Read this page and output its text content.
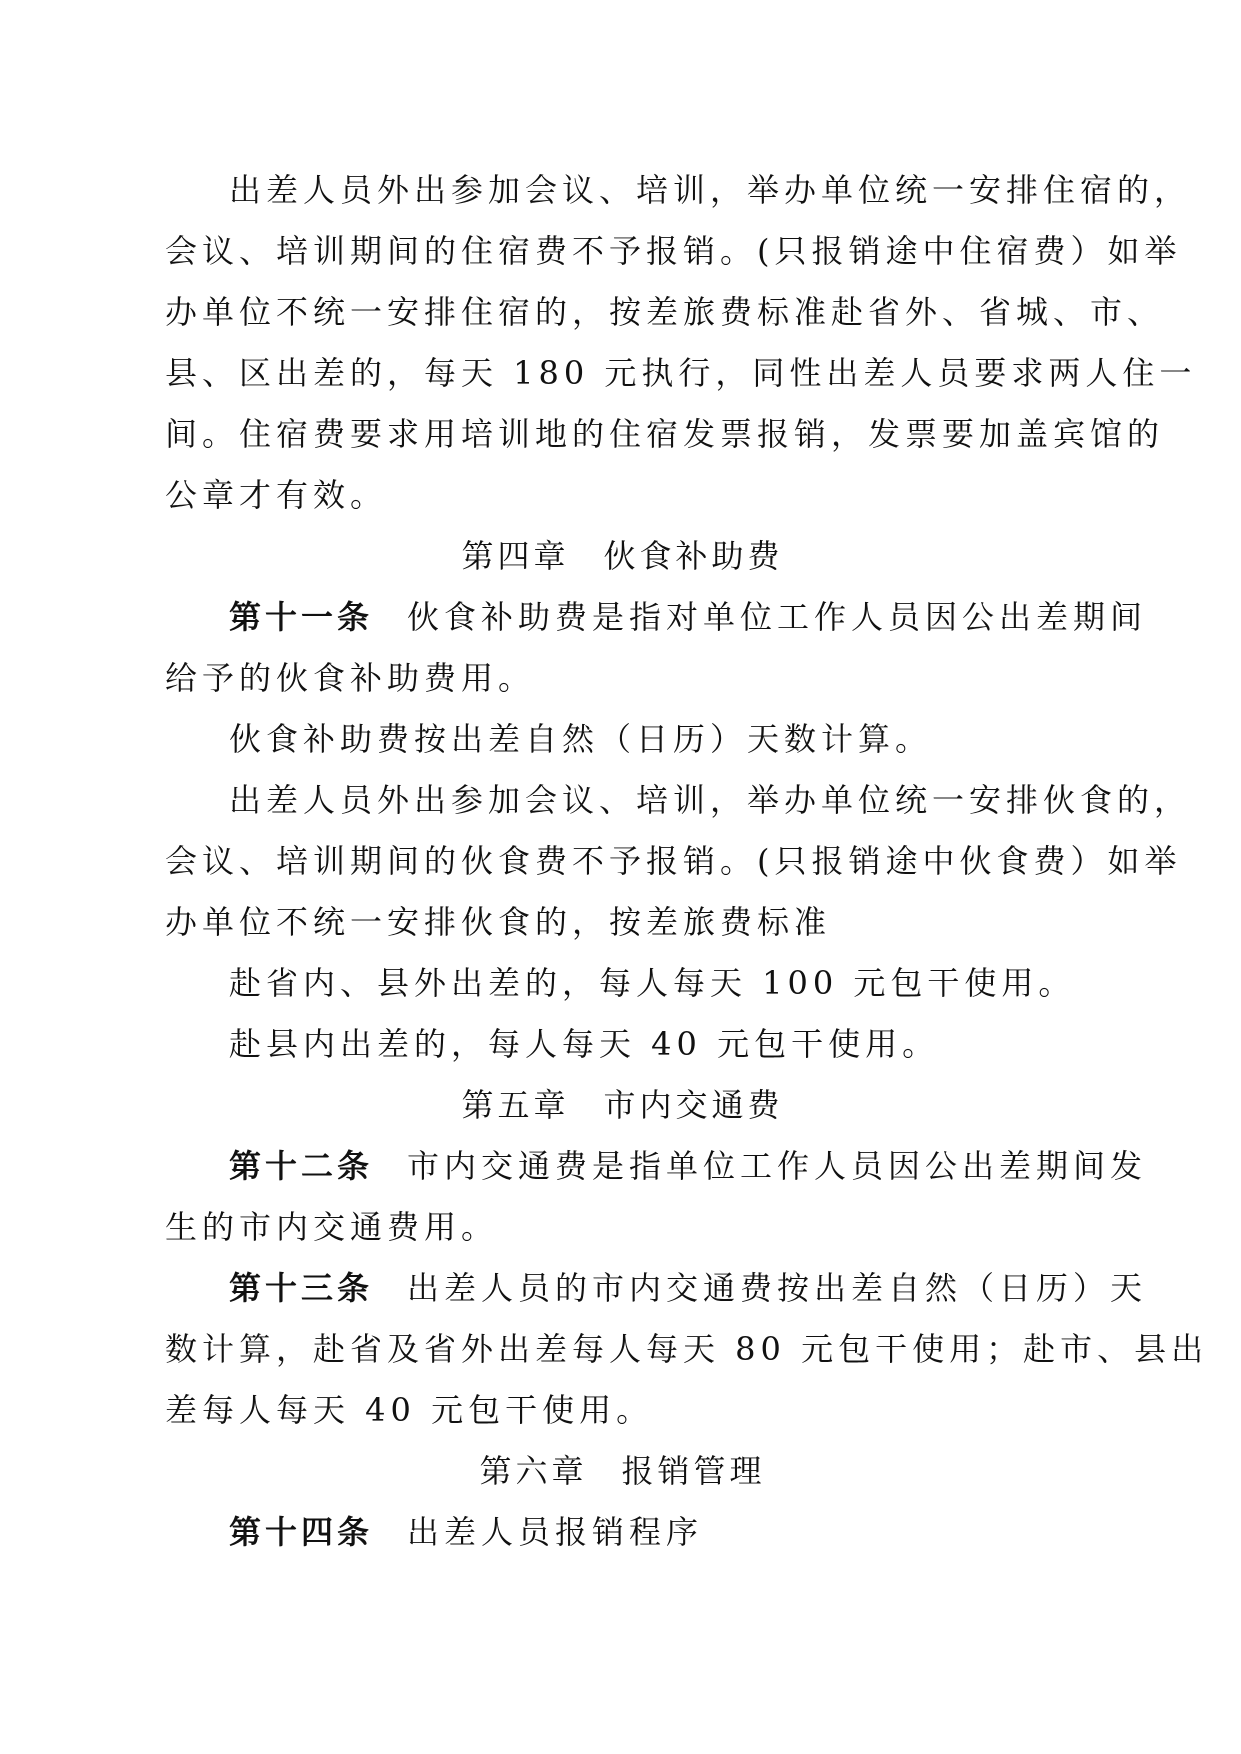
出差人员外出参加会议、培训，举办单位统一安排住宿的，
会议、培训期间的住宿费不予报销。(只报销途中住宿费）如举
办单位不统一安排住宿的，按差旅费标准赴省外、省城、市、
县、区出差的，每天 180 元执行，同性出差人员要求两人住一
间。住宿费要求用培训地的住宿发票报销，发票要加盖宾馆的
公章才有效。
第四章 伙食补助费
第十一条 伙食补助费是指对单位工作人员因公出差期间
给予的伙食补助费用。
伙食补助费按出差自然（日历）天数计算。
出差人员外出参加会议、培训，举办单位统一安排伙食的，
会议、培训期间的伙食费不予报销。(只报销途中伙食费）如举
办单位不统一安排伙食的，按差旅费标准
赴省内、县外出差的，每人每天 100 元包干使用。
赴县内出差的，每人每天 40 元包干使用。
第五章 市内交通费
第十二条 市内交通费是指单位工作人员因公出差期间发
生的市内交通费用。
第十三条 出差人员的市内交通费按出差自然（日历）天
数计算，赴省及省外出差每人每天 80 元包干使用；赴市、县出
差每人每天 40 元包干使用。
第六章 报销管理
第十四条 出差人员报销程序
